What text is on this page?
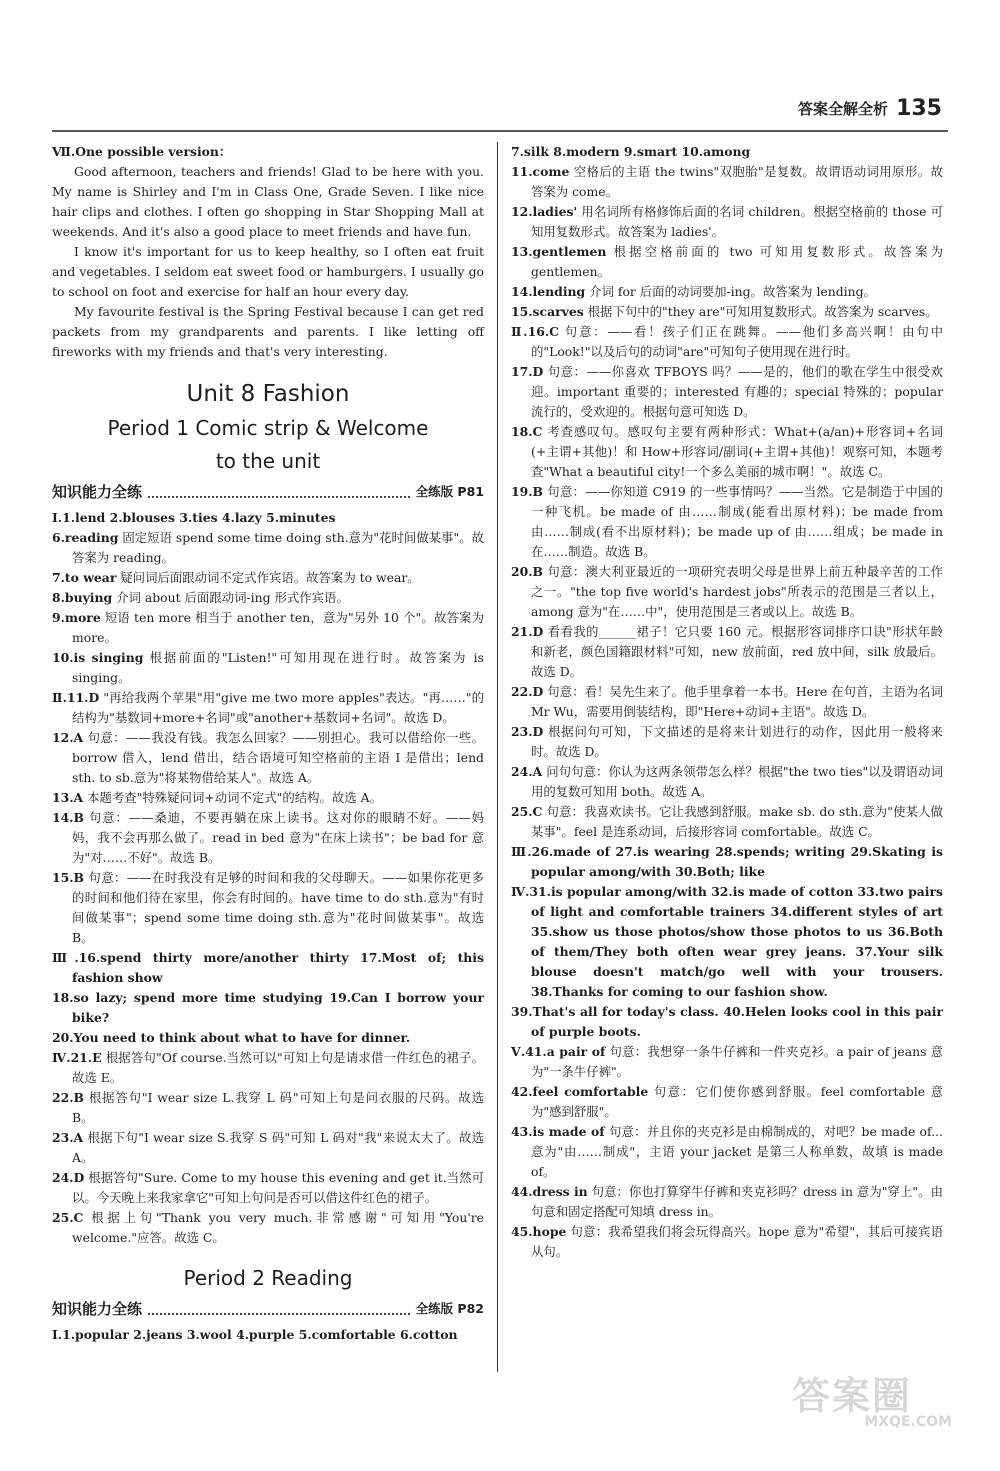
答案全解全析 135

Ⅶ.One possible version：

Good afternoon, teachers and friends! Glad to be here with you. My name is Shirley and I'm in Class One, Grade Seven. I like nice hair clips and clothes. I often go shopping in Star Shopping Mall at weekends. And it's also a good place to meet friends and have fun.

I know it's important for us to keep healthy, so I often eat fruit and vegetables. I seldom eat sweet food or hamburgers. I usually go to school on foot and exercise for half an hour every day.

My favourite festival is the Spring Festival because I can get red packets from my grandparents and parents. I like letting off fireworks with my friends and that's very interesting.

Unit 8 Fashion
Period 1 Comic strip & Welcome
to the unit
知识能力全练	全练版 P81

Ⅰ.1.lend 2.blouses 3.ties 4.lazy 5.minutes

6.reading 固定短语 spend some time doing sth.意为"花时间做某事"。故答案为 reading。

7.to wear 疑问词后面跟动词不定式作宾语。故答案为 to wear。

8.buying 介词 about 后面跟动词-ing 形式作宾语。

9.more 短语 ten more 相当于 another ten，意为"另外 10 个"。故答案为 more。

10.is singing 根据前面的"Listen!"可知用现在进行时。故答案为 is singing。

Ⅱ.11.D "再给我两个苹果"用"give me two more apples"表达。"再……"的结构为"基数词+more+名词"或"another+基数词+名词"。故选 D。

12.A 句意：——我没有钱。我怎么回家？——别担心。我可以借给你一些。borrow 借入，lend 借出，结合语境可知空格前的主语 I 是借出；lend sth. to sb.意为"将某物借给某人"。故选 A。

13.A 本题考查"特殊疑问词+动词不定式"的结构。故选 A。

14.B 句意：——桑迪，不要再躺在床上读书。这对你的眼睛不好。——妈妈，我不会再那么做了。read in bed 意为"在床上读书"；be bad for 意为"对……不好"。故选 B。

15.B 句意：——在时我没有足够的时间和我的父母聊天。——如果你花更多的时间和他们待在家里，你会有时间的。have time to do sth.意为"有时间做某事"；spend some time doing sth.意为"花时间做某事"。故选 B。

Ⅲ.16.spend thirty more/another thirty 17.Most of; this fashion show

18.so lazy; spend more time studying 19.Can I borrow your bike?

20.You need to think about what to have for dinner.

Ⅳ.21.E 根据答句"Of course.当然可以"可知上句是请求借一件红色的裙子。故选 E。

22.B 根据答句"I wear size L.我穿 L 码"可知上句是问衣服的尺码。故选 B。

23.A 根据下句"I wear size S.我穿 S 码"可知 L 码对"我"来说太大了。故选 A。

24.D 根据答句"Sure. Come to my house this evening and get it.当然可以。今天晚上来我家拿它"可知上句问是否可以借这件红色的裙子。

25.C 根据上句"Thank you very much.非常感谢"可知用"You're welcome."应答。故选 C。

Period 2 Reading
知识能力全练	全练版 P82

Ⅰ.1.popular 2.jeans 3.wool 4.purple 5.comfortable 6.cotton

7.silk 8.modern 9.smart 10.among

11.come 空格后的主语 the twins"双胞胎"是复数。故谓语动词用原形。故答案为 come。

12.ladies' 用名词所有格修饰后面的名词 children。根据空格前的 those 可知用复数形式。故答案为 ladies'。

13.gentlemen 根据空格前面的 two 可知用复数形式。故答案为 gentlemen。

14.lending 介词 for 后面的动词要加-ing。故答案为 lending。

15.scarves 根据下句中的"they are"可知用复数形式。故答案为 scarves。

Ⅱ.16.C 句意：——看！孩子们正在跳舞。——他们多高兴啊！由句中的"Look!"以及后句的动词"are"可知句子使用现在进行时。

17.D 句意：——你喜欢 TFBOYS 吗？——是的，他们的歌在学生中很受欢迎。important 重要的；interested 有趣的；special 特殊的；popular 流行的，受欢迎的。根据句意可知选 D。

18.C 考查感叹句。感叹句主要有两种形式：What+(a/an)+形容词+名词(+主谓+其他)！和 How+形容词/副词(+主谓+其他)！观察可知，本题考查"What a beautiful city!一个多么美丽的城市啊！"。故选 C。

19.B 句意：——你知道 C919 的一些事情吗？——当然。它是制造于中国的一种飞机。be made of 由……制成(能看出原材料)；be made from 由……制成(看不出原材料)；be made up of 由……组成；be made in 在……制造。故选 B。

20.B 句意：澳大利亚最近的一项研究表明父母是世界上前五种最辛苦的工作之一。"the top five world's hardest jobs"所表示的范围是三者以上，among 意为"在……中"，使用范围是三者或以上。故选 B。

21.D 看看我的______裙子！它只要 160 元。根据形容词排序口诀"形状年龄和新老，颜色国籍跟材料"可知，new 放前面，red 放中间，silk 放最后。故选 D。

22.D 句意：看！吴先生来了。他手里拿着一本书。Here 在句首，主语为名词 Mr Wu，需要用倒装结构，即"Here+动词+主语"。故选 D。

23.D 根据问句可知，下文描述的是将来计划进行的动作，因此用一般将来时。故选 D。

24.A 问句句意：你认为这两条领带怎么样？根据"the two ties"以及谓语动词用的复数可知用 both。故选 A。

25.C 句意：我喜欢读书。它让我感到舒服。make sb. do sth.意为"使某人做某事"。feel 是连系动词，后接形容词 comfortable。故选 C。

Ⅲ.26.made of 27.is wearing 28.spends; writing 29.Skating is popular among/with 30.Both; like

Ⅳ.31.is popular among/with 32.is made of cotton 33.two pairs of light and comfortable trainers 34.different styles of art 35.show us those photos/show those photos to us 36.Both of them/They both often wear grey jeans. 37.Your silk blouse doesn't match/go well with your trousers. 38.Thanks for coming to our fashion show.

39.That's all for today's class. 40.Helen looks cool in this pair of purple boots.

Ⅴ.41.a pair of 句意：我想穿一条牛仔裤和一件夹克衫。a pair of jeans 意为"一条牛仔裤"。

42.feel comfortable 句意：它们使你感到舒服。feel comfortable 意为"感到舒服"。

43.is made of 句意：并且你的夹克衫是由棉制成的，对吧？be made of...意为"由……制成"，主语 your jacket 是第三人称单数，故填 is made of。

44.dress in 句意：你也打算穿牛仔裤和夹克衫吗？dress in 意为"穿上"。由句意和固定搭配可知填 dress in。

45.hope 句意：我希望我们将会玩得高兴。hope 意为"希望"，其后可接宾语从句。

答案圈
MXQE.COM
